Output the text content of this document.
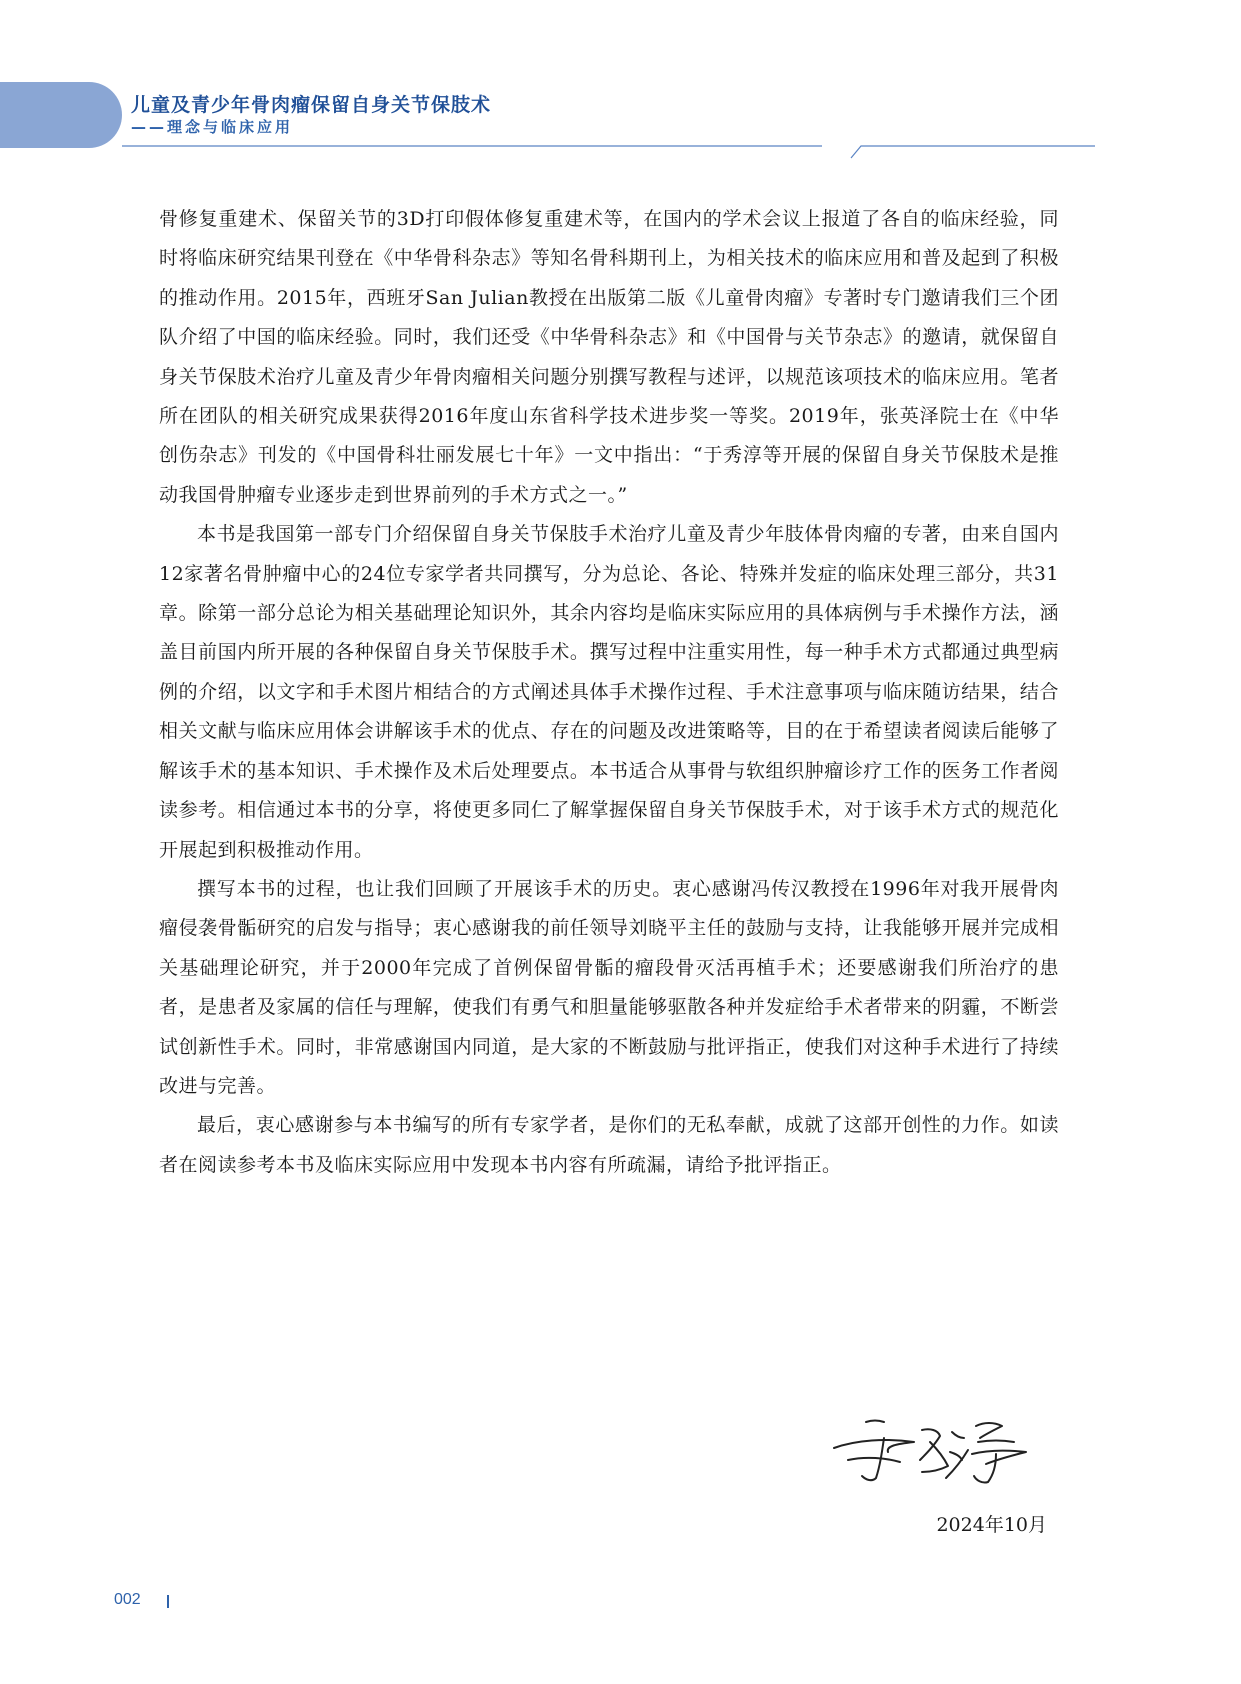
儿童及青少年骨肉瘤保留自身关节保肢术
——理念与临床应用

骨修复重建术、保留关节的3D打印假体修复重建术等，在国内的学术会议上报道了各自的临床经验，同时将临床研究结果刊登在《中华骨科杂志》等知名骨科期刊上，为相关技术的临床应用和普及起到了积极的推动作用。2015年，西班牙San Julian教授在出版第二版《儿童骨肉瘤》专著时专门邀请我们三个团队介绍了中国的临床经验。同时，我们还受《中华骨科杂志》和《中国骨与关节杂志》的邀请，就保留自身关节保肢术治疗儿童及青少年骨肉瘤相关问题分别撰写教程与述评，以规范该项技术的临床应用。笔者所在团队的相关研究成果获得2016年度山东省科学技术进步奖一等奖。2019年，张英泽院士在《中华创伤杂志》刊发的《中国骨科壮丽发展七十年》一文中指出：“于秀淳等开展的保留自身关节保肢术是推动我国骨肿瘤专业逐步走到世界前列的手术方式之一。”

本书是我国第一部专门介绍保留自身关节保肢手术治疗儿童及青少年肢体骨肉瘤的专著，由来自国内12家著名骨肿瘤中心的24位专家学者共同撰写，分为总论、各论、特殊并发症的临床处理三部分，共31章。除第一部分总论为相关基础理论知识外，其余内容均是临床实际应用的具体病例与手术操作方法，涵盖目前国内所开展的各种保留自身关节保肢手术。撰写过程中注重实用性，每一种手术方式都通过典型病例的介绍，以文字和手术图片相结合的方式阐述具体手术操作过程、手术注意事项与临床随访结果，结合相关文献与临床应用体会讲解该手术的优点、存在的问题及改进策略等，目的在于希望读者阅读后能够了解该手术的基本知识、手术操作及术后处理要点。本书适合从事骨与软组织肿瘤诊疗工作的医务工作者阅读参考。相信通过本书的分享，将使更多同仁了解掌握保留自身关节保肢手术，对于该手术方式的规范化开展起到积极推动作用。

撰写本书的过程，也让我们回顾了开展该手术的历史。衷心感谢冯传汉教授在1996年对我开展骨肉瘤侵袭骨骺研究的启发与指导；衷心感谢我的前任领导刘晓平主任的鼓励与支持，让我能够开展并完成相关基础理论研究，并于2000年完成了首例保留骨骺的瘤段骨灭活再植手术；还要感谢我们所治疗的患者，是患者及家属的信任与理解，使我们有勇气和胆量能够驱散各种并发症给手术者带来的阴霾，不断尝试创新性手术。同时，非常感谢国内同道，是大家的不断鼓励与批评指正，使我们对这种手术进行了持续改进与完善。

最后，衷心感谢参与本书编写的所有专家学者，是你们的无私奉献，成就了这部开创性的力作。如读者在阅读参考本书及临床实际应用中发现本书内容有所疏漏，请给予批评指正。

2024年10月
002
